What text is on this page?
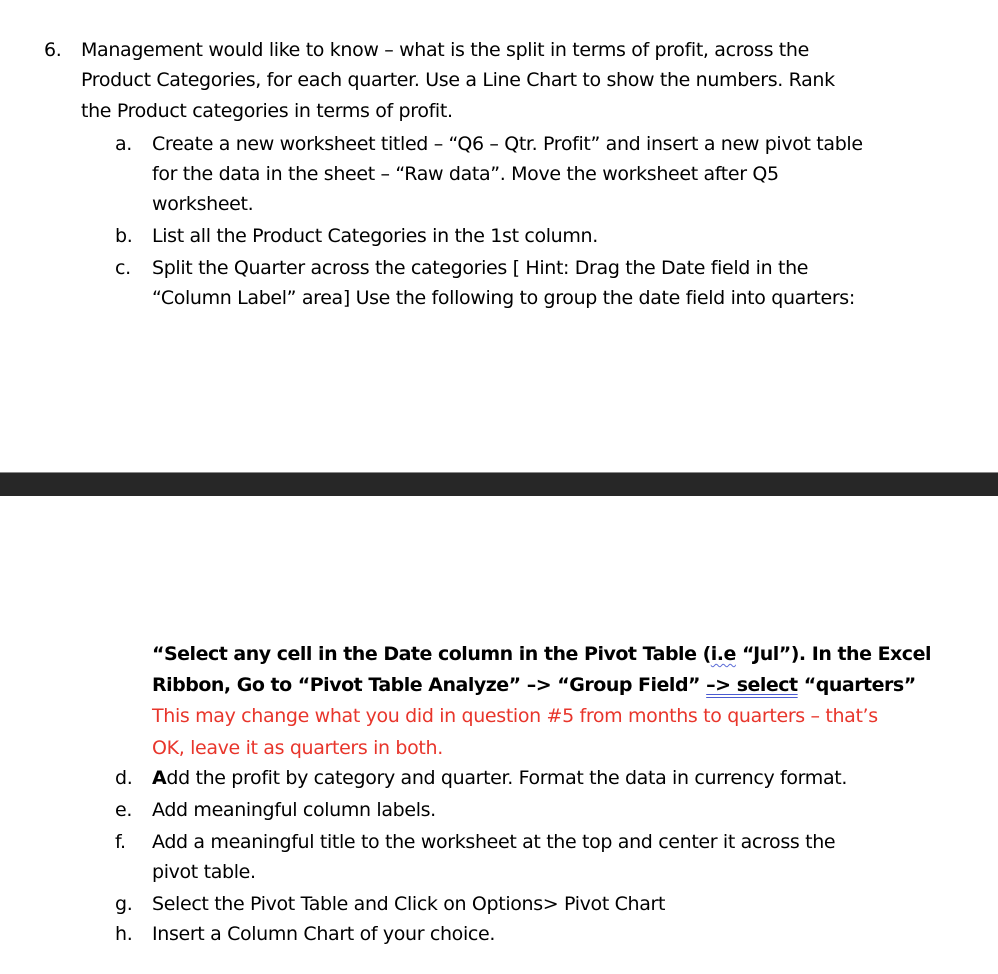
6. Management would like to know – what is the split in terms of profit, across the
Product Categories, for each quarter. Use a Line Chart to show the numbers. Rank
the Product categories in terms of profit.
a. Create a new worksheet titled – “Q6 – Qtr. Profit” and insert a new pivot table
for the data in the sheet – “Raw data”. Move the worksheet after Q5
worksheet.
b. List all the Product Categories in the 1st column.
c. Split the Quarter across the categories [ Hint: Drag the Date field in the
“Column Label” area] Use the following to group the date field into quarters:
“Select any cell in the Date column in the Pivot Table (i.e “Jul”). In the Excel
Ribbon, Go to “Pivot Table Analyze” –> “Group Field” –> select “quarters”
This may change what you did in question #5 from months to quarters – that’s
OK, leave it as quarters in both.
d. Add the profit by category and quarter. Format the data in currency format.
e. Add meaningful column labels.
f. Add a meaningful title to the worksheet at the top and center it across the
pivot table.
g. Select the Pivot Table and Click on Options> Pivot Chart
h. Insert a Column Chart of your choice.
